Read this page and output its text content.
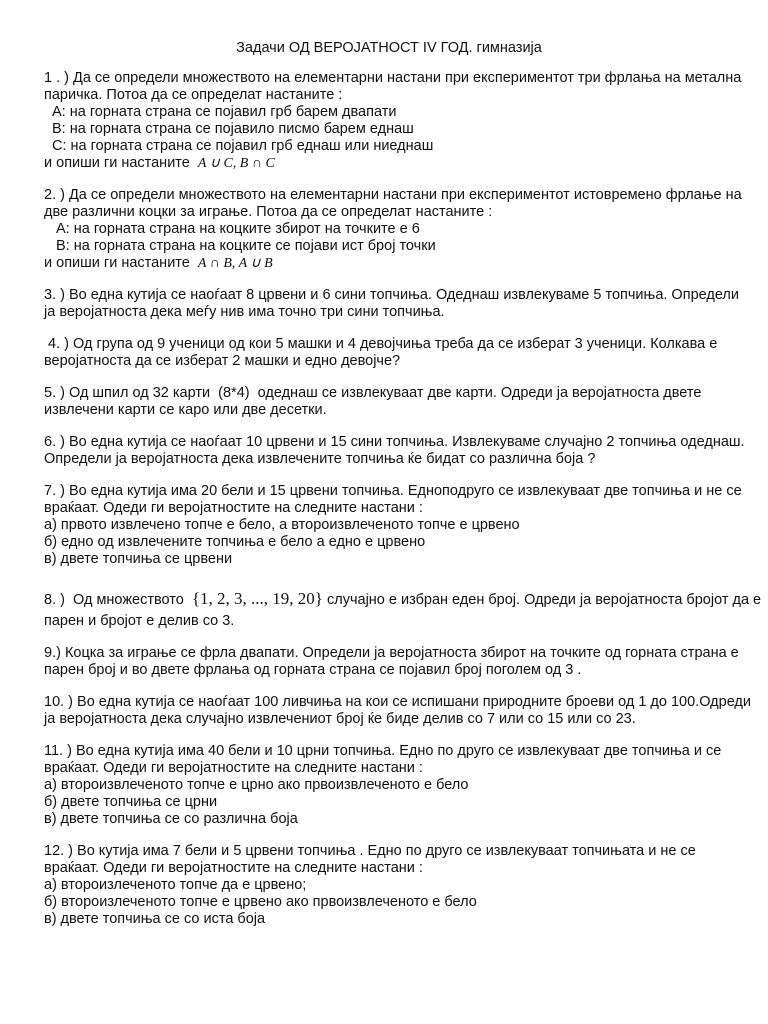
Задачи ОД ВЕРОЈАТНОСТ IV ГОД. гимназија
1 . ) Да се определи множеството на елементарни настани при експериментот три фрлања на метална
паричка. Потоа да се определат настаните :
A: на горната страна се појавил грб барем двапати
B: на горната страна се појавило писмо барем еднаш
C: на горната страна се појавил грб еднаш или ниеднаш
и опиши ги настаните A ∪ C, B ∩ C
2. ) Да се определи множеството на елементарни настани при експериментот истовремено фрлање на
две различни коцки за играње. Потоа да се определат настаните :
A: на горната страна на коцките збирот на точките е 6
B: на горната страна на коцките се појави ист број точки
и опиши ги настаните A ∩ B, A ∪ B
3. ) Во една кутија се наоѓаат 8 црвени и 6 сини топчиња. Одеднаш извлекуваме 5 топчиња. Определи
ја веројатноста дека меѓу нив има точно три сини топчиња.
4. ) Од група од 9 ученици од кои 5 машки и 4 девојчиња треба да се изберат 3 ученици. Колкава е
веројатноста да се изберат 2 машки и едно девојче?
5. ) Од шпил од 32 карти  (8*4)  одеднаш се извлекуваат две карти. Одреди ја веројатноста двете
извлечени карти се каро или две десетки.
6. ) Во една кутија се наоѓаат 10 црвени и 15 сини топчиња. Извлекуваме случајно 2 топчиња одеднаш.
Определи ја веројатноста дека извлечените топчиња ќе бидат со различна боја ?
7. ) Во една кутија има 20 бели и 15 црвени топчиња. Едноподруго се извлекуваат две топчиња и не се
враќаат. Одеди ги веројатностите на следните настани :
а) првото извлечено топче е бело, а второизвлеченото топче е црвено
б) едно од извлечените топчиња е бело а едно е црвено
в) двете топчиња се црвени
8. )  Од множеството {1, 2, 3, ..., 19, 20} случајно е избран еден број. Одреди ја веројатноста бројот да е
парен и бројот е делив со 3.
9.) Коцка за играње се фрла двапати. Определи ја веројатноста збирот на точките од горната страна е
парен број и во двете фрлања од горната страна се појавил број поголем од 3 .
10. ) Во една кутија се наоѓаат 100 ливчиња на кои се испишани природните броеви од 1 до 100.Одреди
ја веројатноста дека случајно извлечениот број ќе биде делив со 7 или со 15 или со 23.
11. ) Во една кутија има 40 бели и 10 црни топчиња. Едно по друго се извлекуваат две топчиња и се
враќаат. Одеди ги веројатностите на следните настани :
а) второизвлеченото топче е црно ако првоизвлеченото е бело
б) двете топчиња се црни
в) двете топчиња се со различна боја
12. ) Во кутија има 7 бели и 5 црвени топчиња . Едно по друго се извлекуваат топчињата и не се
враќаат. Одеди ги веројатностите на следните настани :
а) второизлеченото топче да е црвено;
б) второизлеченото топче е црвено ако првоизвлеченото е бело
в) двете топчиња се со иста боја
